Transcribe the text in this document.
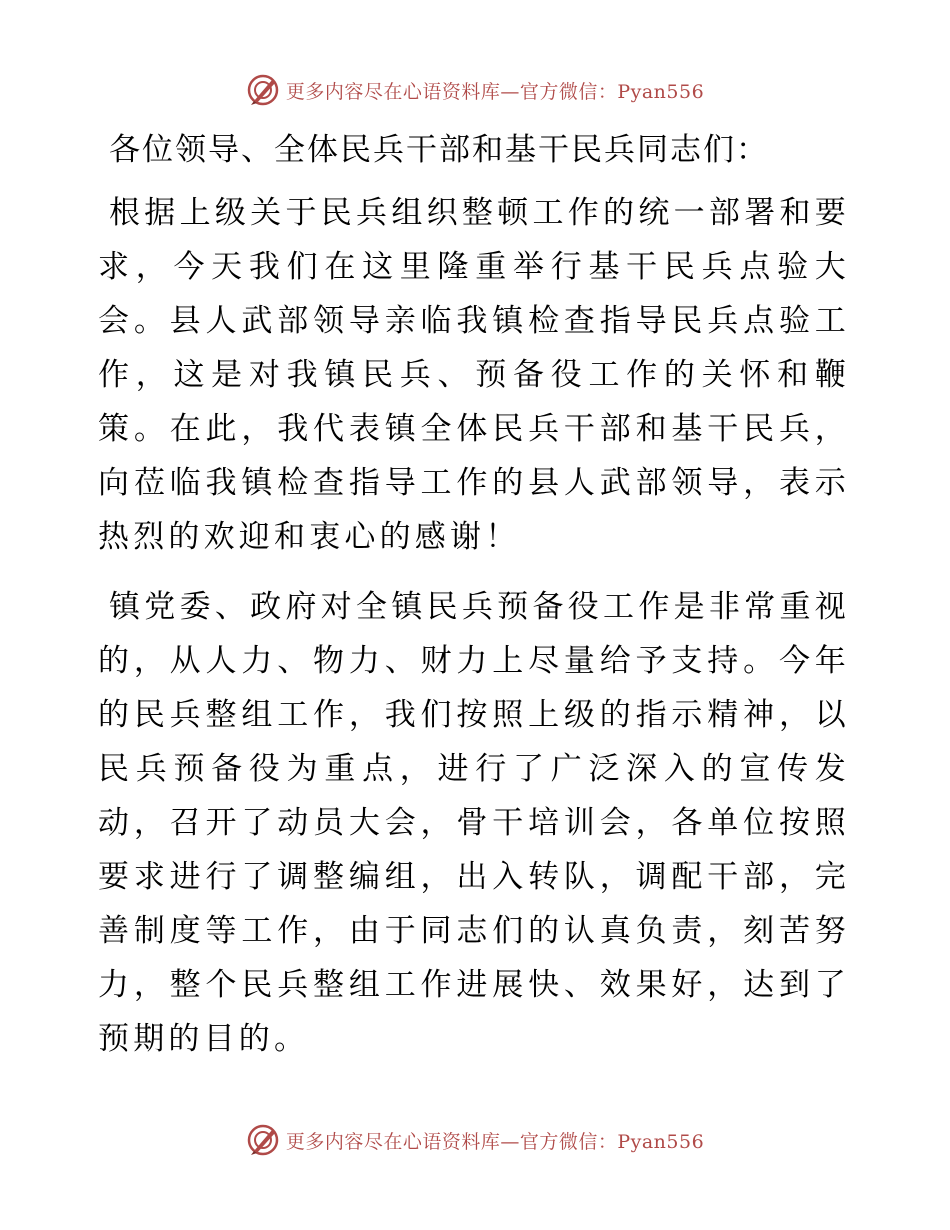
更多内容尽在心语资料库—官方微信：Pyan556

各位领导、全体民兵干部和基干民兵同志们：

根据上级关于民兵组织整顿工作的统一部署和要求，今天我们在这里隆重举行基干民兵点验大会。县人武部领导亲临我镇检查指导民兵点验工作，这是对我镇民兵、预备役工作的关怀和鞭策。在此，我代表镇全体民兵干部和基干民兵，向莅临我镇检查指导工作的县人武部领导，表示热烈的欢迎和衷心的感谢！

镇党委、政府对全镇民兵预备役工作是非常重视的，从人力、物力、财力上尽量给予支持。今年的民兵整组工作，我们按照上级的指示精神，以民兵预备役为重点，进行了广泛深入的宣传发动，召开了动员大会，骨干培训会，各单位按照要求进行了调整编组，出入转队，调配干部，完善制度等工作，由于同志们的认真负责，刻苦努力，整个民兵整组工作进展快、效果好，达到了预期的目的。

更多内容尽在心语资料库—官方微信：Pyan556
